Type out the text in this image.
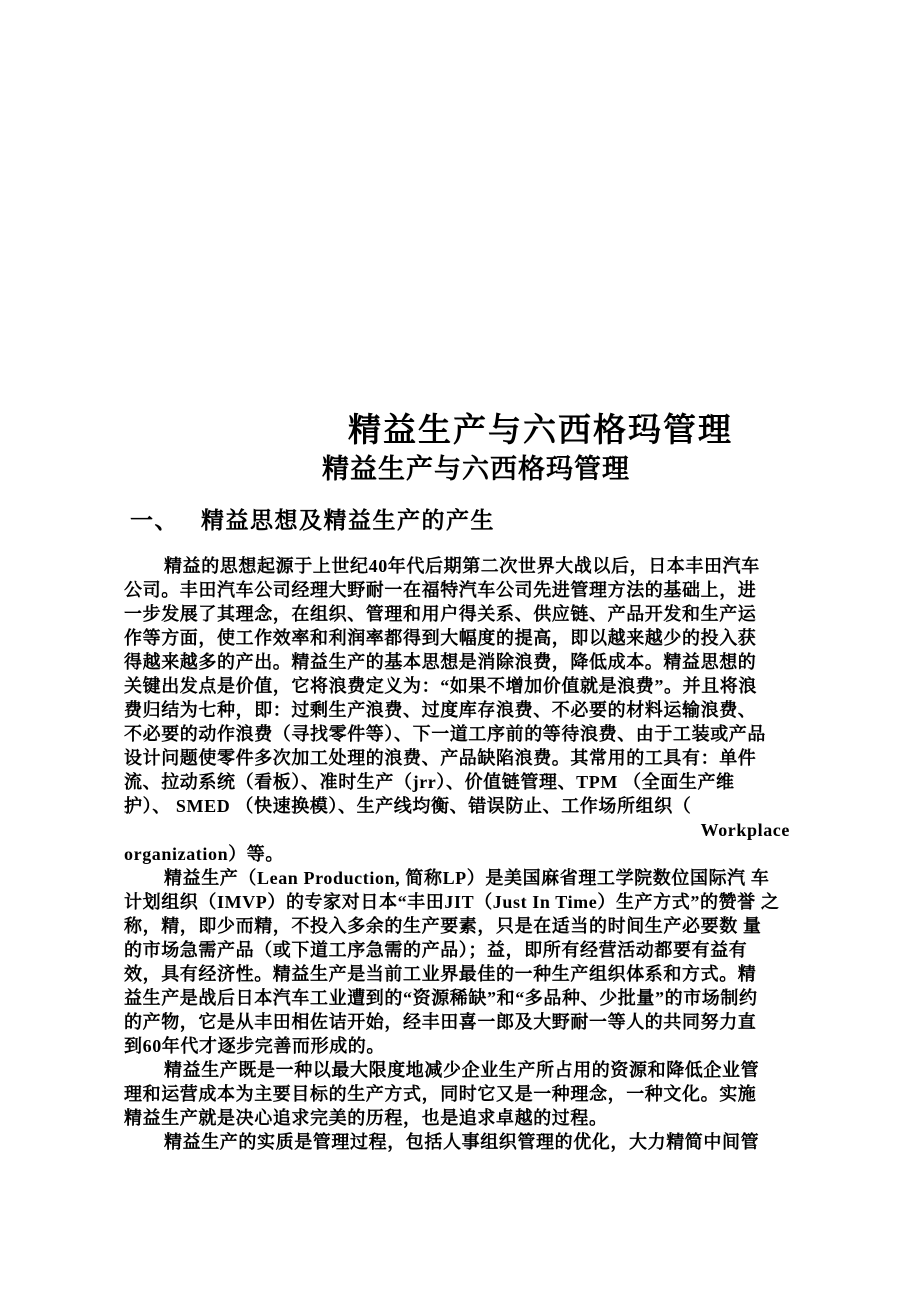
精益生产与六西格玛管理
精益生产与六西格玛管理
一、 精益思想及精益生产的产生
精益的思想起源于上世纪40年代后期第二次世界大战以后，日本丰田汽车
公司。丰田汽车公司经理大野耐一在福特汽车公司先进管理方法的基础上，进
一步发展了其理念，在组织、管理和用户得关系、供应链、产品开发和生产运
作等方面，使工作效率和利润率都得到大幅度的提高，即以越来越少的投入获
得越来越多的产出。精益生产的基本思想是消除浪费，降低成本。精益思想的
关键出发点是价值，它将浪费定义为：“如果不增加价值就是浪费”。并且将浪
费归结为七种，即：过剩生产浪费、过度库存浪费、不必要的材料运输浪费、
不必要的动作浪费（寻找零件等）、下一道工序前的等待浪费、由于工装或产品
设计问题使零件多次加工处理的浪费、产品缺陷浪费。其常用的工具有：单件
流、拉动系统（看板）、准时生产（jrr）、价值链管理、TPM （全面生产维
护）、 SMED （快速换模）、生产线均衡、错误防止、工作场所组织（
Workplace
organization）等。
精益生产（Lean Production, 简称LP）是美国麻省理工学院数位国际汽 车
计划组织（IMVP）的专家对日本“丰田JIT（Just In Time）生产方式”的赞誉 之
称，精，即少而精，不投入多余的生产要素，只是在适当的时间生产必要数 量
的市场急需产品（或下道工序急需的产品）；益，即所有经营活动都要有益有
效，具有经济性。精益生产是当前工业界最佳的一种生产组织体系和方式。精
益生产是战后日本汽车工业遭到的“资源稀缺”和“多品种、少批量”的市场制约
的产物，它是从丰田相佐诘开始，经丰田喜一郎及大野耐一等人的共同努力直
到60年代才逐步完善而形成的。
精益生产既是一种以最大限度地减少企业生产所占用的资源和降低企业管
理和运营成本为主要目标的生产方式，同时它又是一种理念，一种文化。实施
精益生产就是决心追求完美的历程，也是追求卓越的过程。
精益生产的实质是管理过程，包括人事组织管理的优化，大力精简中间管
